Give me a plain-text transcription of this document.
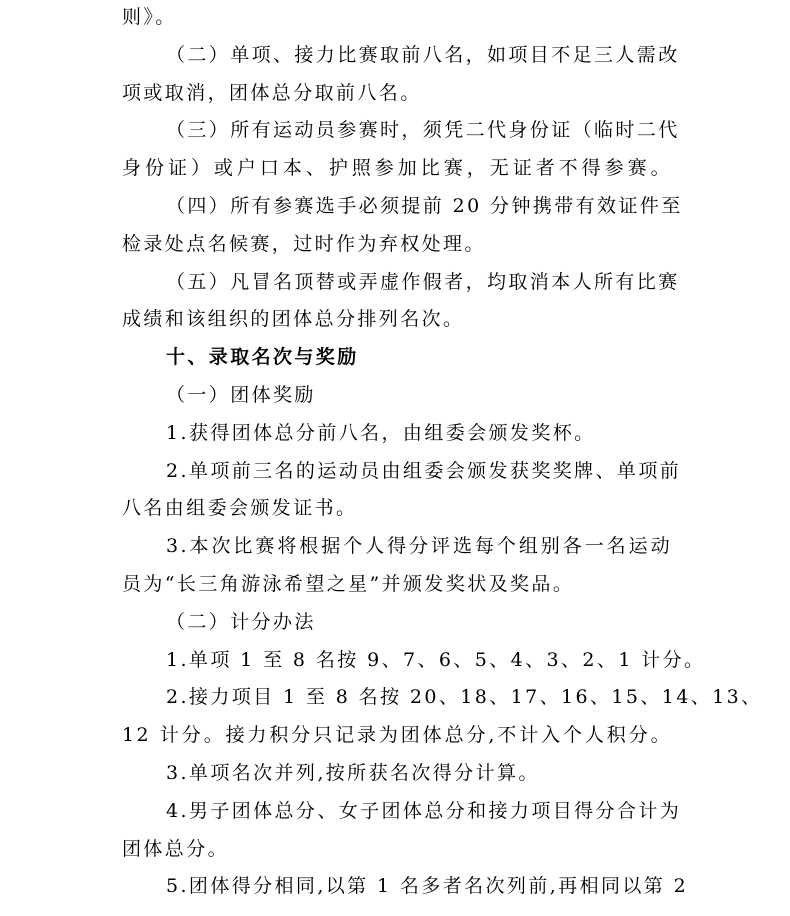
则》。
（二）单项、接力比赛取前八名，如项目不足三人需改
项或取消，团体总分取前八名。
（三）所有运动员参赛时，须凭二代身份证（临时二代
身份证）或户口本、护照参加比赛，无证者不得参赛。
（四）所有参赛选手必须提前 20 分钟携带有效证件至
检录处点名候赛，过时作为弃权处理。
（五）凡冒名顶替或弄虚作假者，均取消本人所有比赛
成绩和该组织的团体总分排列名次。
十、录取名次与奖励
（一）团体奖励
1.获得团体总分前八名，由组委会颁发奖杯。
2.单项前三名的运动员由组委会颁发获奖奖牌、单项前
八名由组委会颁发证书。
3.本次比赛将根据个人得分评选每个组别各一名运动
员为“长三角游泳希望之星”并颁发奖状及奖品。
（二）计分办法
1.单项 1 至 8 名按 9、7、6、5、4、3、2、1 计分。
2.接力项目 1 至 8 名按 20、18、17、16、15、14、13、
12 计分。接力积分只记录为团体总分,不计入个人积分。
3.单项名次并列,按所获名次得分计算。
4.男子团体总分、女子团体总分和接力项目得分合计为
团体总分。
5.团体得分相同,以第 1 名多者名次列前,再相同以第 2
